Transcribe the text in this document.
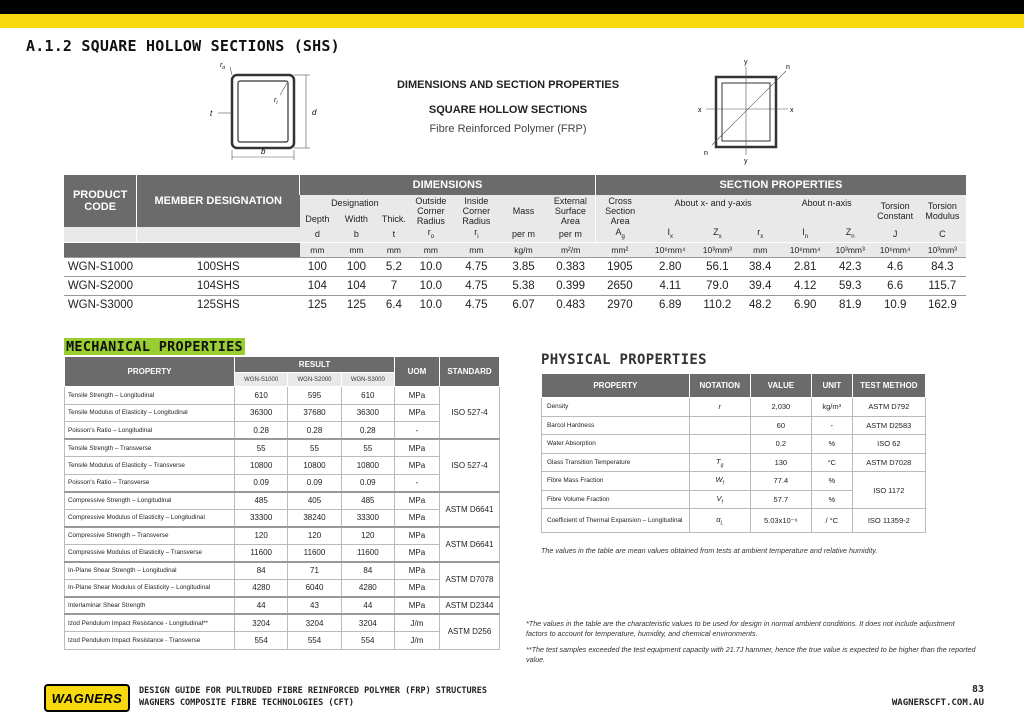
A.1.2 SQUARE HOLLOW SECTIONS (SHS)
$r_o$
$r_i$
t	d
b
DIMENSIONS AND SECTION PROPERTIES
SQUARE HOLLOW SECTIONS
Fibre Reinforced Polymer (FRP)
y
y
x	x
n
n
PRODUCT CODE	MEMBER DESIGNATION	DIMENSIONS							SECTION PROPERTIES							
		Designation			Outside Corner Radius	Inside Corner Radius	Mass	External Surface Area	Cross Section Area	About x- and y-axis			About n-axis		Torsion Constant	Torsion Modulus
		Depth	Width	Thick.												
		d	b	t	$r_o$	$r_i$	per m	per m	$A_g$	$I_x$	$Z_x$	$r_x$	$I_n$	$Z_n$	J	C
		mm	mm	mm	mm	mm	kg/m	m²/m	mm²	10⁶mm⁴	10³mm³	mm	10⁶mm⁴	10³mm³	10⁶mm⁴	10³mm³
WGN-S1000	100SHS	100	100	5.2	10.0	4.75	3.85	0.383	1905	2.80	56.1	38.4	2.81	42.3	4.6	84.3
WGN-S2000	104SHS	104	104	7	10.0	4.75	5.38	0.399	2650	4.11	79.0	39.4	4.12	59.3	6.6	115.7
WGN-S3000	125SHS	125	125	6.4	10.0	4.75	6.07	0.483	2970	6.89	110.2	48.2	6.90	81.9	10.9	162.9
MECHANICAL PROPERTIES
PROPERTY	RESULT			UOM	STANDARD
	WGN-S1000	WGN-S2000	WGN-S3000		
Tensile Strength – Longitudinal	610	595	610	MPa	ISO 527-4
Tensile Modulus of Elasticity – Longitudinal	36300	37680	36300	MPa	
Poisson's Ratio – Longitudinal	0.28	0.28	0.28	-	
Tensile Strength – Transverse	55	55	55	MPa	ISO 527-4
Tensile Modulus of Elasticity – Transverse	10800	10800	10800	MPa	
Poisson's Ratio – Transverse	0.09	0.09	0.09	-	
Compressive Strength – Longitudinal	485	405	485	MPa	ASTM D6641
Compressive Modulus of Elasticity – Longitudinal	33300	38240	33300	MPa	
Compressive Strength – Transverse	120	120	120	MPa	ASTM D6641
Compressive Modulus of Elasticity – Transverse	11600	11600	11600	MPa	
In-Plane Shear Strength – Longitudinal	84	71	84	MPa	ASTM D7078
In-Plane Shear Modulus of Elasticity – Longitudinal	4280	6040	4280	MPa	
Interlaminar Shear Strength	44	43	44	MPa	ASTM D2344
Izod Pendulum Impact Resistance - Longitudinal**	3204	3204	3204	J/m	ASTM D256
Izod Pendulum Impact Resistance - Transverse	554	554	554	J/m	
PHYSICAL PROPERTIES
PROPERTY	NOTATION	VALUE	UNIT	TEST METHOD
Density	r	2,030	kg/m³	ASTM D792
Barcol Hardness		60	-	ASTM D2583
Water Absorption		0.2	%	ISO 62
Glass Transition Temperature	$T_g$	130	°C	ASTM D7028
Fibre Mass Fraction	$W_f$	77.4	%	ISO 1172
Fibre Volume Fraction	$V_f$	57.7	%	
Coefficient of Thermal Expansion – Longitudinal	$\alpha_L$	5.03x10⁻⁶	/ °C	ISO 11359-2
The values in the table are mean values obtained from tests at ambient temperature and relative humidity.
*The values in the table are the characteristic values to be used for design in normal ambient conditions. It does not include adjustment factors to account for temperature, humidity, and chemical environments.
**The test samples exceeded the test equipment capacity with 21.7J hammer, hence the true value is expected to be higher than the reported value.
WAGNERS	DESIGN GUIDE FOR PULTRUDED FIBRE REINFORCED POLYMER (FRP) STRUCTURES
WAGNERS COMPOSITE FIBRE TECHNOLOGIES (CFT)
83
WAGNERSCFT.COM.AU
